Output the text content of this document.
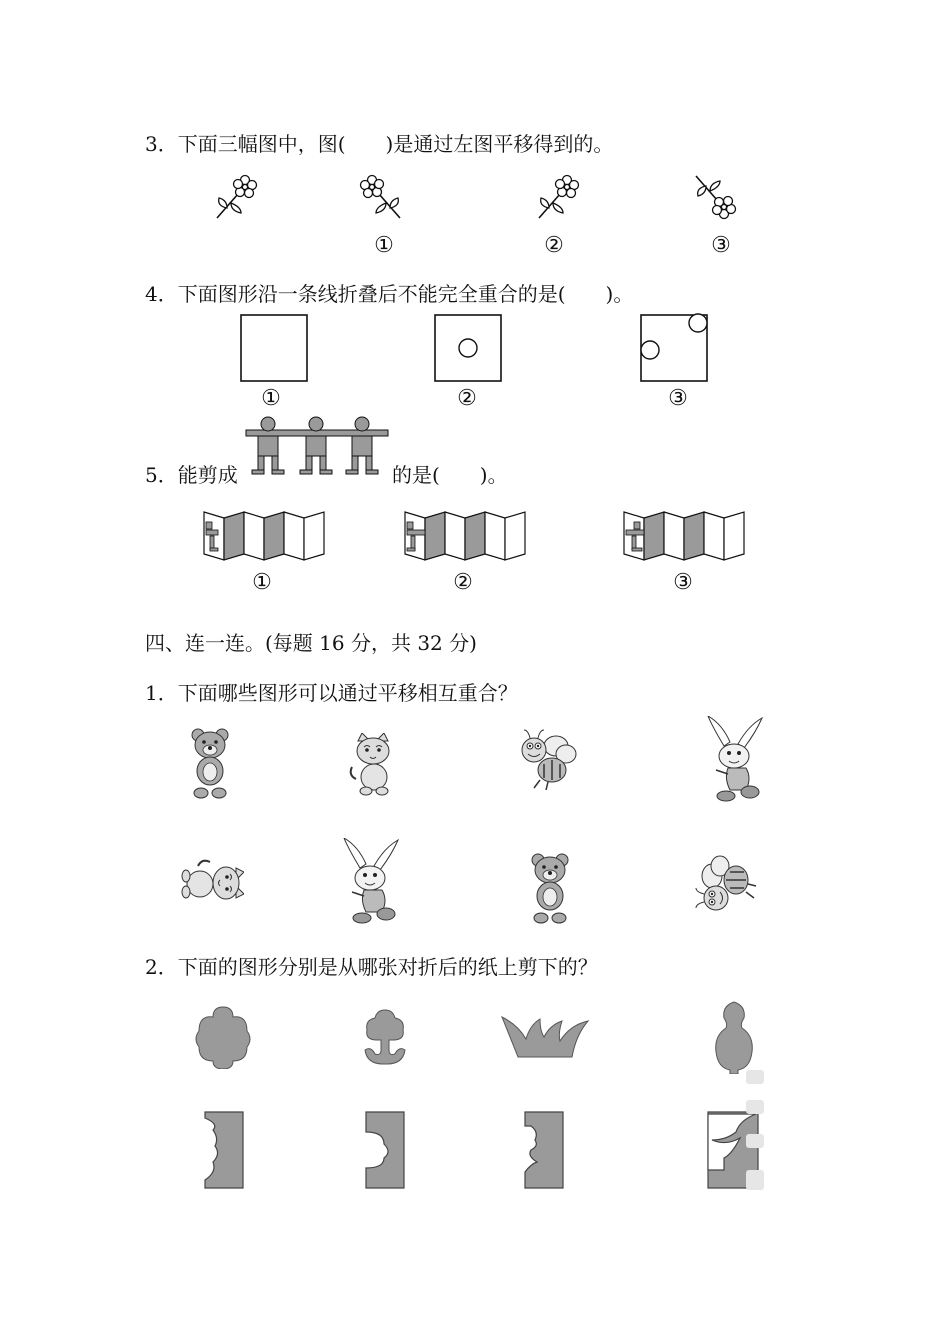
3．下面三幅图中，图(　　)是通过左图平移得到的。
①	②	③
4．下面图形沿一条线折叠后不能完全重合的是(　　)。
①	②	③
5．能剪成	的是(　　)。
①	②	③
四、连一连。(每题 16 分，共 32 分)
1．下面哪些图形可以通过平移相互重合？
2．下面的图形分别是从哪张对折后的纸上剪下的？
